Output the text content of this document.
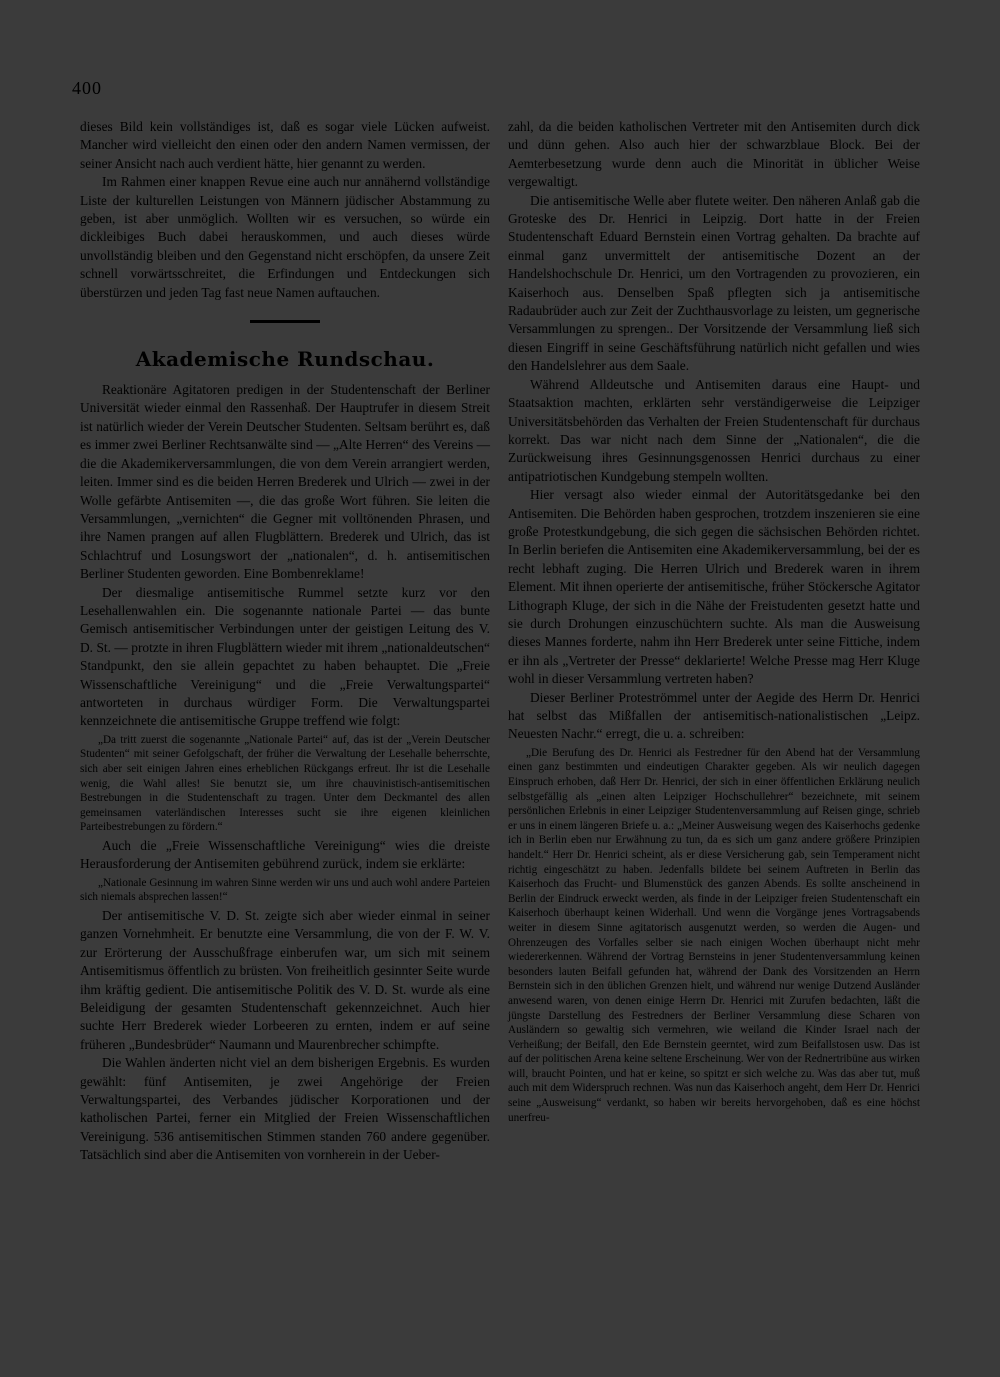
400

dieses Bild kein vollständiges ist, daß es sogar viele Lücken aufweist. Mancher wird vielleicht den einen oder den andern Namen vermissen, der seiner Ansicht nach auch verdient hätte, hier genannt zu werden.

Im Rahmen einer knappen Revue eine auch nur annähernd vollständige Liste der kulturellen Leistungen von Männern jüdischer Abstammung zu geben, ist aber unmöglich. Wollten wir es versuchen, so würde ein dickleibiges Buch dabei herauskommen, und auch dieses würde unvollständig bleiben und den Gegenstand nicht erschöpfen, da unsere Zeit schnell vorwärtsschreitet, die Erfindungen und Entdeckungen sich überstürzen und jeden Tag fast neue Namen auftauchen.

Akademische Rundschau.

Reaktionäre Agitatoren predigen in der Studentenschaft der Berliner Universität wieder einmal den Rassenhaß. Der Hauptrufer in diesem Streit ist natürlich wieder der Verein Deutscher Studenten. Seltsam berührt es, daß es immer zwei Berliner Rechtsanwälte sind — „Alte Herren“ des Vereins — die die Akademikerversammlungen, die von dem Verein arrangiert werden, leiten. Immer sind es die beiden Herren Brederek und Ulrich — zwei in der Wolle gefärbte Antisemiten —, die das große Wort führen. Sie leiten die Versammlungen, „vernichten“ die Gegner mit volltönenden Phrasen, und ihre Namen prangen auf allen Flugblättern. Brederek und Ulrich, das ist Schlachtruf und Losungswort der „nationalen“, d. h. antisemitischen Berliner Studenten geworden. Eine Bombenreklame!

Der diesmalige antisemitische Rummel setzte kurz vor den Lesehallenwahlen ein. Die sogenannte nationale Partei — das bunte Gemisch antisemitischer Verbindungen unter der geistigen Leitung des V. D. St. — protzte in ihren Flugblättern wieder mit ihrem „nationaldeutschen“ Standpunkt, den sie allein gepachtet zu haben behauptet. Die „Freie Wissenschaftliche Vereinigung“ und die „Freie Verwaltungspartei“ antworteten in durchaus würdiger Form. Die Verwaltungspartei kennzeichnete die antisemitische Gruppe treffend wie folgt:

„Da tritt zuerst die sogenannte „Nationale Partei“ auf, das ist der „Verein Deutscher Studenten“ mit seiner Gefolgschaft, der früher die Verwaltung der Lesehalle beherrschte, sich aber seit einigen Jahren eines erheblichen Rückgangs erfreut. Ihr ist die Lesehalle wenig, die Wahl alles! Sie benutzt sie, um ihre chauvinistisch-antisemitischen Bestrebungen in die Studentenschaft zu tragen. Unter dem Deckmantel des allen gemeinsamen vaterländischen Interesses sucht sie ihre eigenen kleinlichen Parteibestrebungen zu fördern.“

Auch die „Freie Wissenschaftliche Vereinigung“ wies die dreiste Herausforderung der Antisemiten gebührend zurück, indem sie erklärte:

„Nationale Gesinnung im wahren Sinne werden wir uns und auch wohl andere Parteien sich niemals absprechen lassen!“

Der antisemitische V. D. St. zeigte sich aber wieder einmal in seiner ganzen Vornehmheit. Er benutzte eine Versammlung, die von der F. W. V. zur Erörterung der Ausschußfrage einberufen war, um sich mit seinem Antisemitismus öffentlich zu brüsten. Von freiheitlich gesinnter Seite wurde ihm kräftig gedient. Die antisemitische Politik des V. D. St. wurde als eine Beleidigung der gesamten Studentenschaft gekennzeichnet. Auch hier suchte Herr Brederek wieder Lorbeeren zu ernten, indem er auf seine früheren „Bundesbrüder“ Naumann und Maurenbrecher schimpfte.

Die Wahlen änderten nicht viel an dem bisherigen Ergebnis. Es wurden gewählt: fünf Antisemiten, je zwei Angehörige der Freien Verwaltungspartei, des Verbandes jüdischer Korporationen und der katholischen Partei, ferner ein Mitglied der Freien Wissenschaftlichen Vereinigung. 536 antisemitischen Stimmen standen 760 andere gegenüber. Tatsächlich sind aber die Antisemiten von vornherein in der Ueber-

zahl, da die beiden katholischen Vertreter mit den Antisemiten durch dick und dünn gehen. Also auch hier der schwarzblaue Block. Bei der Aemterbesetzung wurde denn auch die Minorität in üblicher Weise vergewaltigt.

Die antisemitische Welle aber flutete weiter. Den näheren Anlaß gab die Groteske des Dr. Henrici in Leipzig. Dort hatte in der Freien Studentenschaft Eduard Bernstein einen Vortrag gehalten. Da brachte auf einmal ganz unvermittelt der antisemitische Dozent an der Handelshochschule Dr. Henrici, um den Vortragenden zu provozieren, ein Kaiserhoch aus. Denselben Spaß pflegten sich ja antisemitische Radaubrüder auch zur Zeit der Zuchthausvorlage zu leisten, um gegnerische Versammlungen zu sprengen.. Der Vorsitzende der Versammlung ließ sich diesen Eingriff in seine Geschäftsführung natürlich nicht gefallen und wies den Handelslehrer aus dem Saale.

Während Alldeutsche und Antisemiten daraus eine Haupt- und Staatsaktion machten, erklärten sehr verständigerweise die Leipziger Universitätsbehörden das Verhalten der Freien Studentenschaft für durchaus korrekt. Das war nicht nach dem Sinne der „Nationalen“, die die Zurückweisung ihres Gesinnungsgenossen Henrici durchaus zu einer antipatriotischen Kundgebung stempeln wollten.

Hier versagt also wieder einmal der Autoritätsgedanke bei den Antisemiten. Die Behörden haben gesprochen, trotzdem inszenieren sie eine große Protestkundgebung, die sich gegen die sächsischen Behörden richtet. In Berlin beriefen die Antisemiten eine Akademikerversammlung, bei der es recht lebhaft zuging. Die Herren Ulrich und Brederek waren in ihrem Element. Mit ihnen operierte der antisemitische, früher Stöckersche Agitator Lithograph Kluge, der sich in die Nähe der Freistudenten gesetzt hatte und sie durch Drohungen einzuschüchtern suchte. Als man die Ausweisung dieses Mannes forderte, nahm ihn Herr Brederek unter seine Fittiche, indem er ihn als „Vertreter der Presse“ deklarierte! Welche Presse mag Herr Kluge wohl in dieser Versammlung vertreten haben?

Dieser Berliner Proteströmmel unter der Aegide des Herrn Dr. Henrici hat selbst das Mißfallen der antisemitisch-nationalistischen „Leipz. Neuesten Nachr.“ erregt, die u. a. schreiben:

„Die Berufung des Dr. Henrici als Festredner für den Abend hat der Versammlung einen ganz bestimmten und eindeutigen Charakter gegeben. Als wir neulich dagegen Einspruch erhoben, daß Herr Dr. Henrici, der sich in einer öffentlichen Erklärung neulich selbstgefällig als „einen alten Leipziger Hochschullehrer“ bezeichnete, mit seinem persönlichen Erlebnis in einer Leipziger Studentenversammlung auf Reisen ginge, schrieb er uns in einem längeren Briefe u. a.: „Meiner Ausweisung wegen des Kaiserhochs gedenke ich in Berlin eben nur Erwähnung zu tun, da es sich um ganz andere größere Prinzipien handelt.“ Herr Dr. Henrici scheint, als er diese Versicherung gab, sein Temperament nicht richtig eingeschätzt zu haben. Jedenfalls bildete bei seinem Auftreten in Berlin das Kaiserhoch das Frucht- und Blumenstück des ganzen Abends. Es sollte anscheinend in Berlin der Eindruck erweckt werden, als finde in der Leipziger freien Studentenschaft ein Kaiserhoch überhaupt keinen Widerhall. Und wenn die Vorgänge jenes Vortragsabends weiter in diesem Sinne agitatorisch ausgenutzt werden, so werden die Augen- und Ohrenzeugen des Vorfalles selber sie nach einigen Wochen überhaupt nicht mehr wiedererkennen. Während der Vortrag Bernsteins in jener Studentenversammlung keinen besonders lauten Beifall gefunden hat, während der Dank des Vorsitzenden an Herrn Bernstein sich in den üblichen Grenzen hielt, und während nur wenige Dutzend Ausländer anwesend waren, von denen einige Herrn Dr. Henrici mit Zurufen bedachten, läßt die jüngste Darstellung des Festredners der Berliner Versammlung diese Scharen von Ausländern so gewaltig sich vermehren, wie weiland die Kinder Israel nach der Verheißung; der Beifall, den Ede Bernstein geerntet, wird zum Beifallstosen usw. Das ist auf der politischen Arena keine seltene Erscheinung. Wer von der Rednertribüne aus wirken will, braucht Pointen, und hat er keine, so spitzt er sich welche zu. Was das aber tut, muß auch mit dem Widerspruch rechnen. Was nun das Kaiserhoch angeht, dem Herr Dr. Henrici seine „Ausweisung“ verdankt, so haben wir bereits hervorgehoben, daß es eine höchst unerfreu-
